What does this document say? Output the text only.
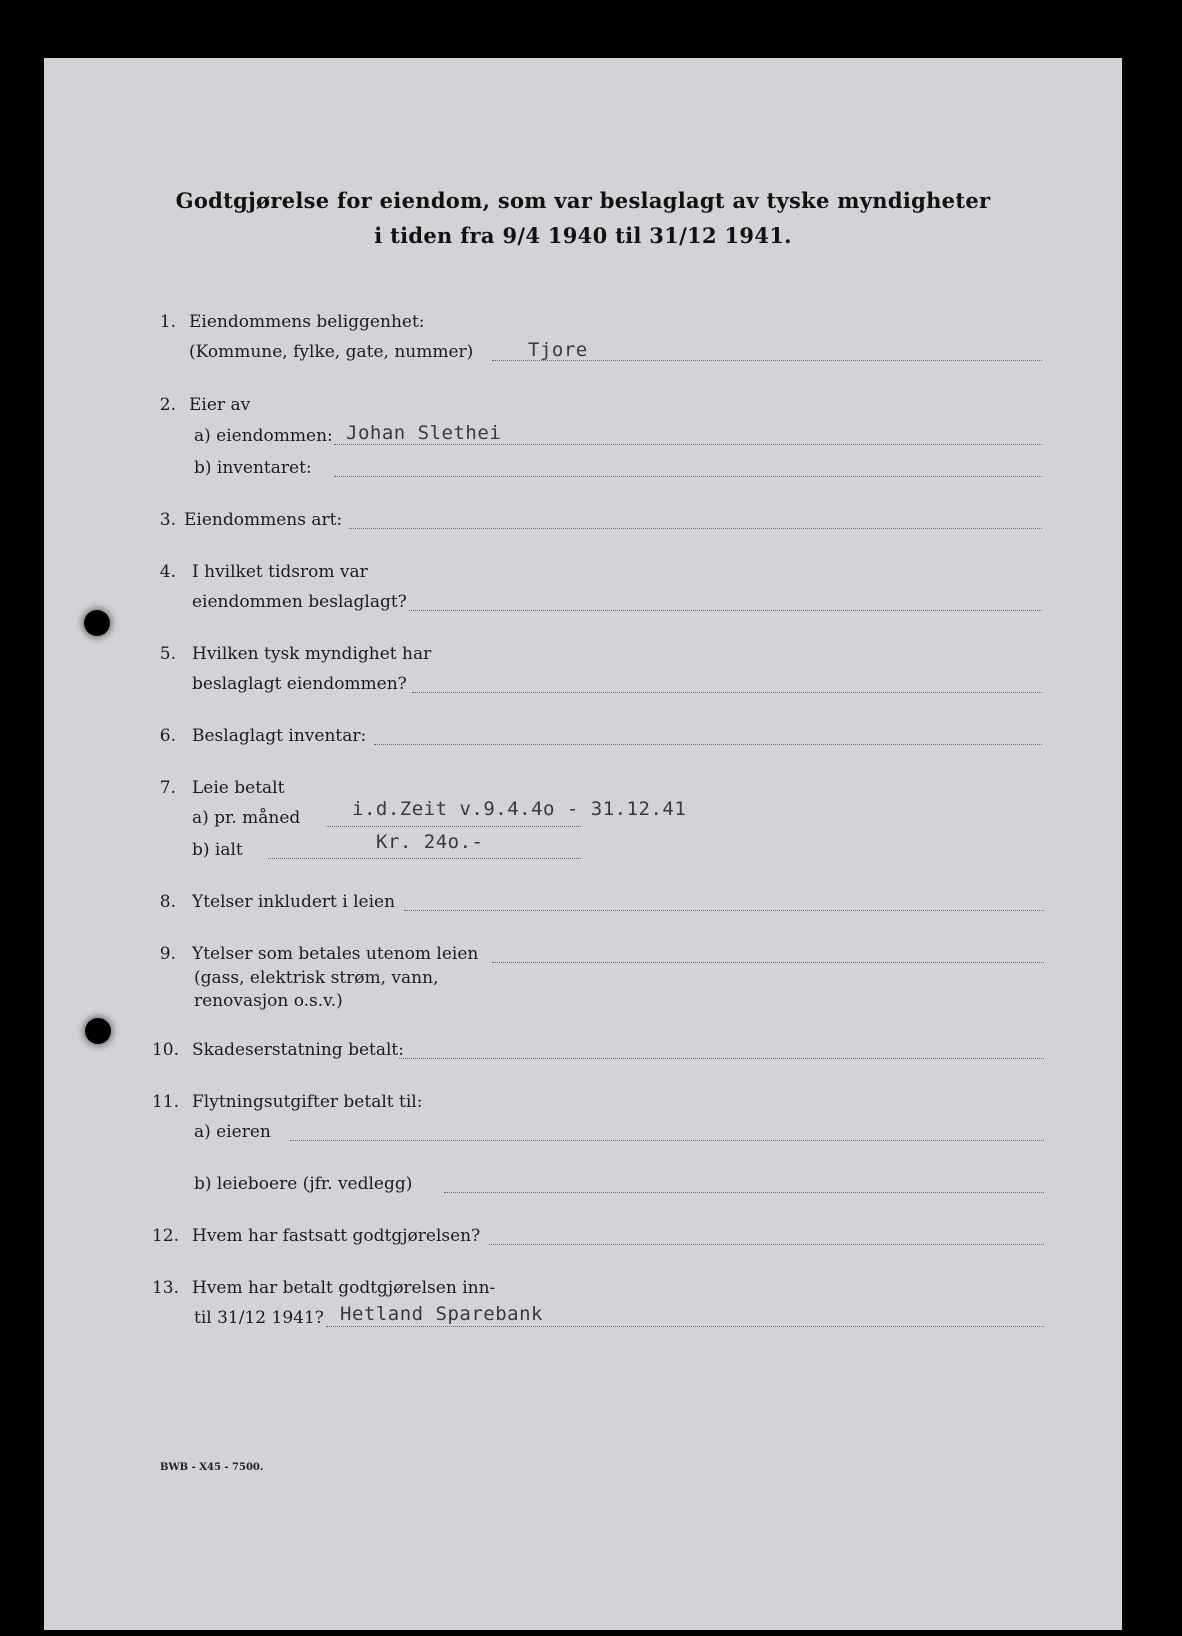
Godtgjørelse for eiendom, som var beslaglagt av tyske myndigheter
i tiden fra 9/4 1940 til 31/12 1941.
1. Eiendommens beliggenhet:
(Kommune, fylke, gate, nummer)	Tjore
2. Eier av
a) eiendommen: Johan Slethei
b) inventaret:
3. Eiendommens art:
4. I hvilket tidsrom var
eiendommen beslaglagt?
5. Hvilken tysk myndighet har
beslaglagt eiendommen?
6. Beslaglagt inventar:
7. Leie betalt
a) pr. måned	i.d.Zeit v.9.4.4o - 31.12.41
b) ialt	Kr. 24o.-
8. Ytelser inkludert i leien
9. Ytelser som betales utenom leien
(gass, elektrisk strøm, vann,
renovasjon o.s.v.)
10. Skadeserstatning betalt:
11. Flytningsutgifter betalt til:
a) eieren
b) leieboere (jfr. vedlegg)
12. Hvem har fastsatt godtgjørelsen?
13. Hvem har betalt godtgjørelsen inn-
til 31/12 1941? Hetland Sparebank
BWB - X45 - 7500.
